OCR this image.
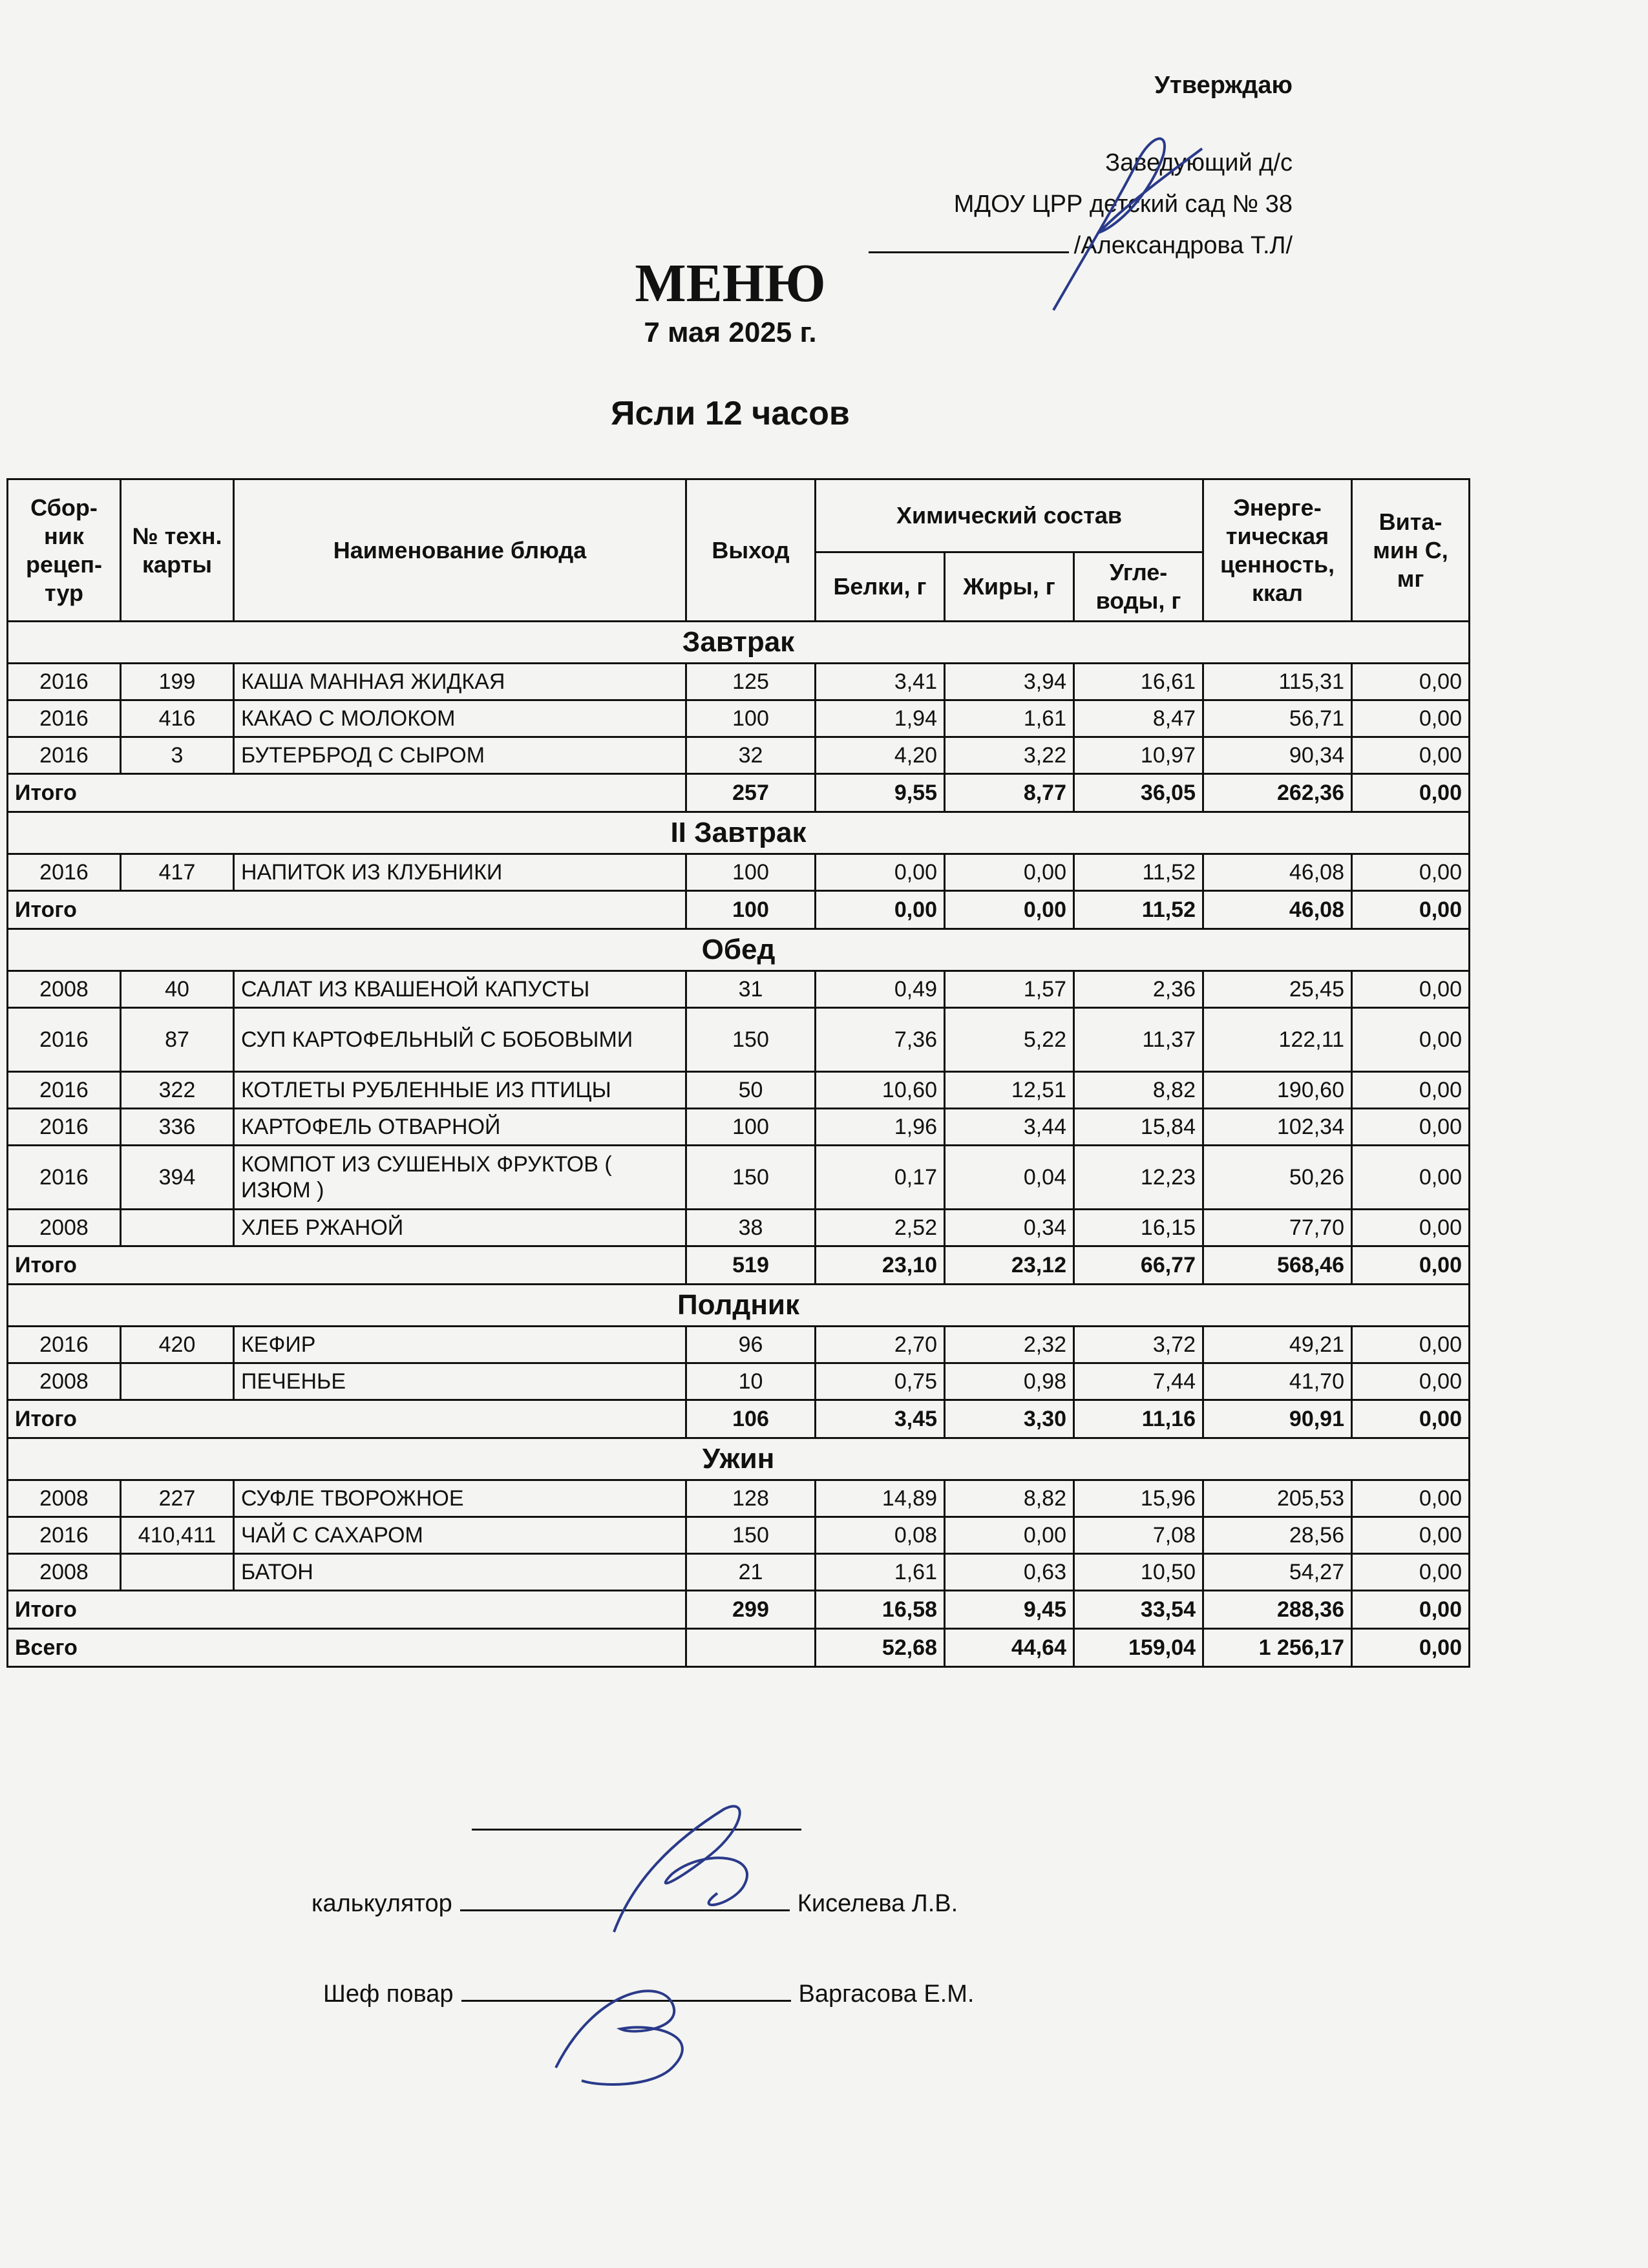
Утверждаю
Заведующий д/с
МДОУ ЦРР детский сад № 38
/Александрова Т.Л/
МЕНЮ
7 мая 2025 г.
Ясли 12 часов
Сбор-ник рецеп-тур	№ техн. карты	Наименование блюда	Выход	Химический состав			Энерге-тическая ценность, ккал	Вита-мин С, мг
				Белки, г	Жиры, г	Угле-воды, г		
Завтрак								
2016	199	КАША МАННАЯ ЖИДКАЯ	125	3,41	3,94	16,61	115,31	0,00
2016	416	КАКАО С МОЛОКОМ	100	1,94	1,61	8,47	56,71	0,00
2016	3	БУТЕРБРОД С СЫРОМ	32	4,20	3,22	10,97	90,34	0,00
Итого			257	9,55	8,77	36,05	262,36	0,00
II Завтрак								
2016	417	НАПИТОК ИЗ КЛУБНИКИ	100	0,00	0,00	11,52	46,08	0,00
Итого			100	0,00	0,00	11,52	46,08	0,00
Обед								
2008	40	САЛАТ ИЗ КВАШЕНОЙ КАПУСТЫ	31	0,49	1,57	2,36	25,45	0,00
2016	87	СУП КАРТОФЕЛЬНЫЙ С БОБОВЫМИ	150	7,36	5,22	11,37	122,11	0,00
2016	322	КОТЛЕТЫ РУБЛЕННЫЕ ИЗ ПТИЦЫ	50	10,60	12,51	8,82	190,60	0,00
2016	336	КАРТОФЕЛЬ ОТВАРНОЙ	100	1,96	3,44	15,84	102,34	0,00
2016	394	КОМПОТ ИЗ СУШЕНЫХ ФРУКТОВ ( ИЗЮМ )	150	0,17	0,04	12,23	50,26	0,00
2008		ХЛЕБ РЖАНОЙ	38	2,52	0,34	16,15	77,70	0,00
Итого			519	23,10	23,12	66,77	568,46	0,00
Полдник								
2016	420	КЕФИР	96	2,70	2,32	3,72	49,21	0,00
2008		ПЕЧЕНЬЕ	10	0,75	0,98	7,44	41,70	0,00
Итого			106	3,45	3,30	11,16	90,91	0,00
Ужин								
2008	227	СУФЛЕ ТВОРОЖНОЕ	128	14,89	8,82	15,96	205,53	0,00
2016	410,411	ЧАЙ С САХАРОМ	150	0,08	0,00	7,08	28,56	0,00
2008		БАТОН	21	1,61	0,63	10,50	54,27	0,00
Итого			299	16,58	9,45	33,54	288,36	0,00
Всего				52,68	44,64	159,04	1 256,17	0,00
калькулятор	Киселева Л.В.
Шеф повар	Варгасова Е.М.
